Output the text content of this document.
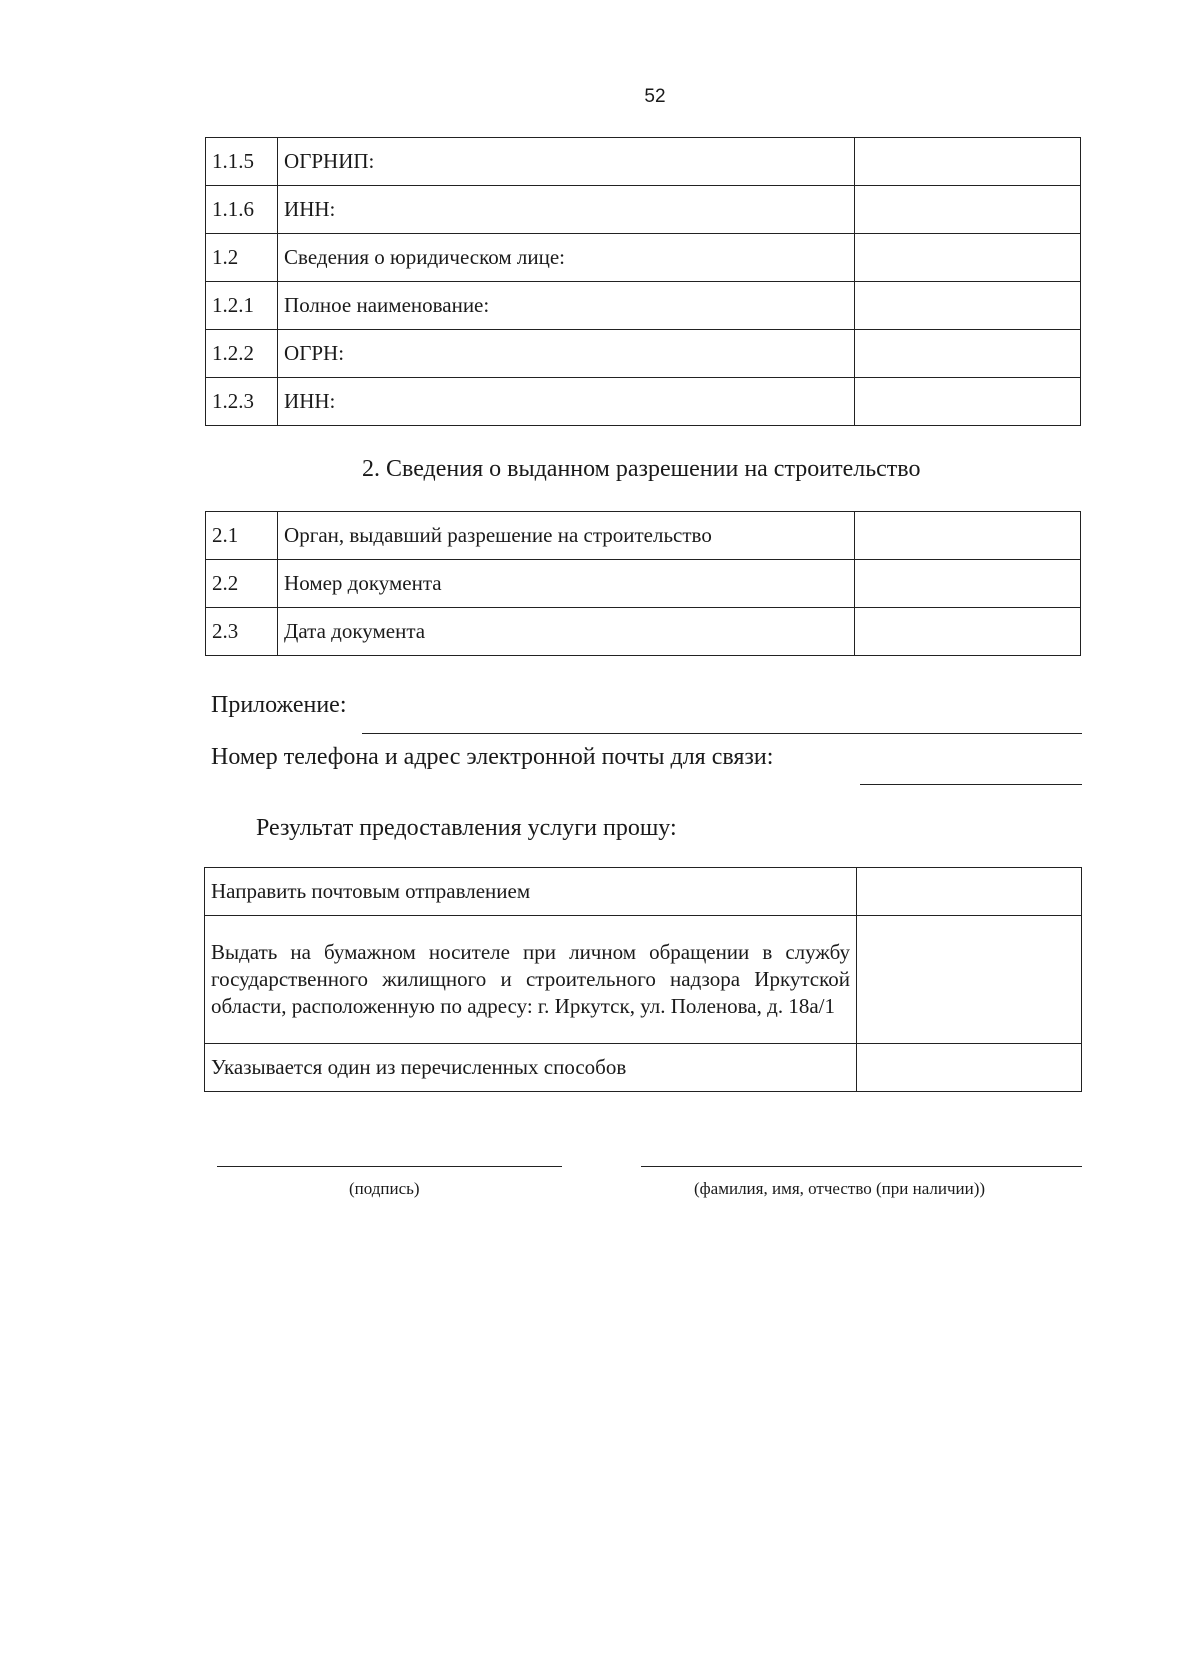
52
1.1.5	ОГРНИП:	
1.1.6	ИНН:	
1.2	Сведения о юридическом лице:	
1.2.1	Полное наименование:	
1.2.2	ОГРН:	
1.2.3	ИНН:	
2. Сведения о выданном разрешении на строительство
2.1	Орган, выдавший разрешение на строительство	
2.2	Номер документа	
2.3	Дата документа	
Приложение:
Номер телефона и адрес электронной почты для связи:
Результат предоставления услуги прошу:
Направить почтовым отправлением	
Выдать на бумажном носителе при личном обращении в службу государственного жилищного и строительного надзора Иркутской области, расположенную по адресу: г. Иркутск, ул. Поленова, д. 18а/1	
Указывается один из перечисленных способов	
(подпись)	(фамилия, имя, отчество (при наличии))
